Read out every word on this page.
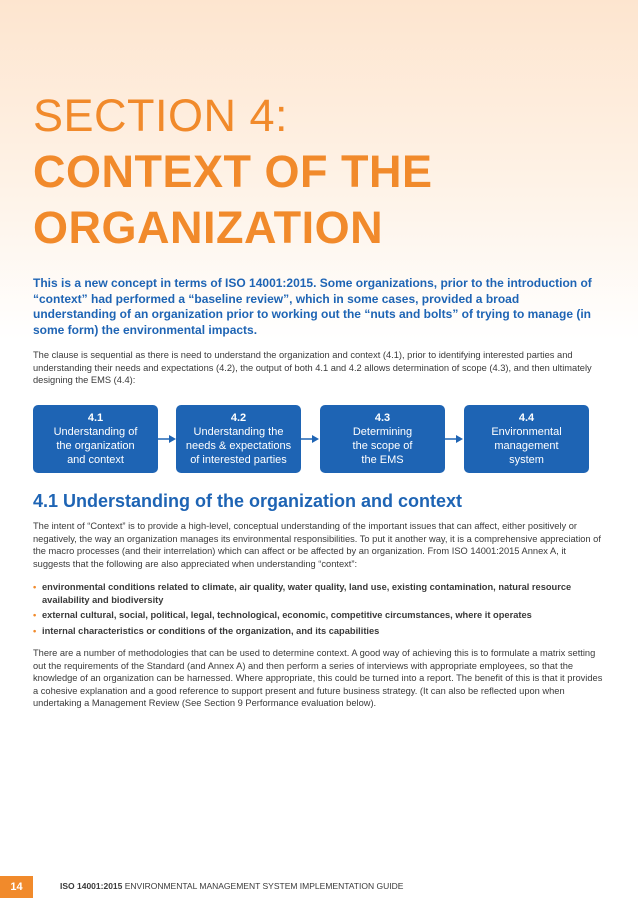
SECTION 4:
CONTEXT OF THE
ORGANIZATION

This is a new concept in terms of ISO 14001:2015. Some organizations, prior to the introduction of “context” had performed a “baseline review”, which in some cases, provided a broad understanding of an organization prior to working out the “nuts and bolts” of trying to manage (in some form) the environmental impacts.

The clause is sequential as there is need to understand the organization and context (4.1), prior to identifying interested parties and understanding their needs and expectations (4.2), the output of both 4.1 and 4.2 allows determination of scope (4.3), and then ultimately designing the EMS (4.4):

4.1
Understanding of
the organization
and context
4.2
Understanding the
needs & expectations
of interested parties
4.3
Determining
the scope of
the EMS
4.4
Environmental
management
system
4.1 Understanding of the organization and context

The intent of “Context” is to provide a high-level, conceptual understanding of the important issues that can affect, either positively or negatively, the way an organization manages its environmental responsibilities. To put it another way, it is a comprehensive appreciation of the macro processes (and their interrelation) which can affect or be affected by an organization. From ISO 14001:2015 Annex A, it suggests that the following are also appreciated when understanding “context”:

• environmental conditions related to climate, air quality, water quality, land use, existing contamination, natural resource availability and biodiversity
• external cultural, social, political, legal, technological, economic, competitive circumstances, where it operates
• internal characteristics or conditions of the organization, and its capabilities

There are a number of methodologies that can be used to determine context. A good way of achieving this is to formulate a matrix setting out the requirements of the Standard (and Annex A) and then perform a series of interviews with appropriate employees, so that the knowledge of an organization can be harnessed. Where appropriate, this could be turned into a report. The benefit of this is that it provides a cohesive explanation and a good reference to support present and future business strategy. (It can also be reflected upon when undertaking a Management Review (See Section 9 Performance evaluation below).

14	ISO 14001:2015 ENVIRONMENTAL MANAGEMENT SYSTEM IMPLEMENTATION GUIDE
